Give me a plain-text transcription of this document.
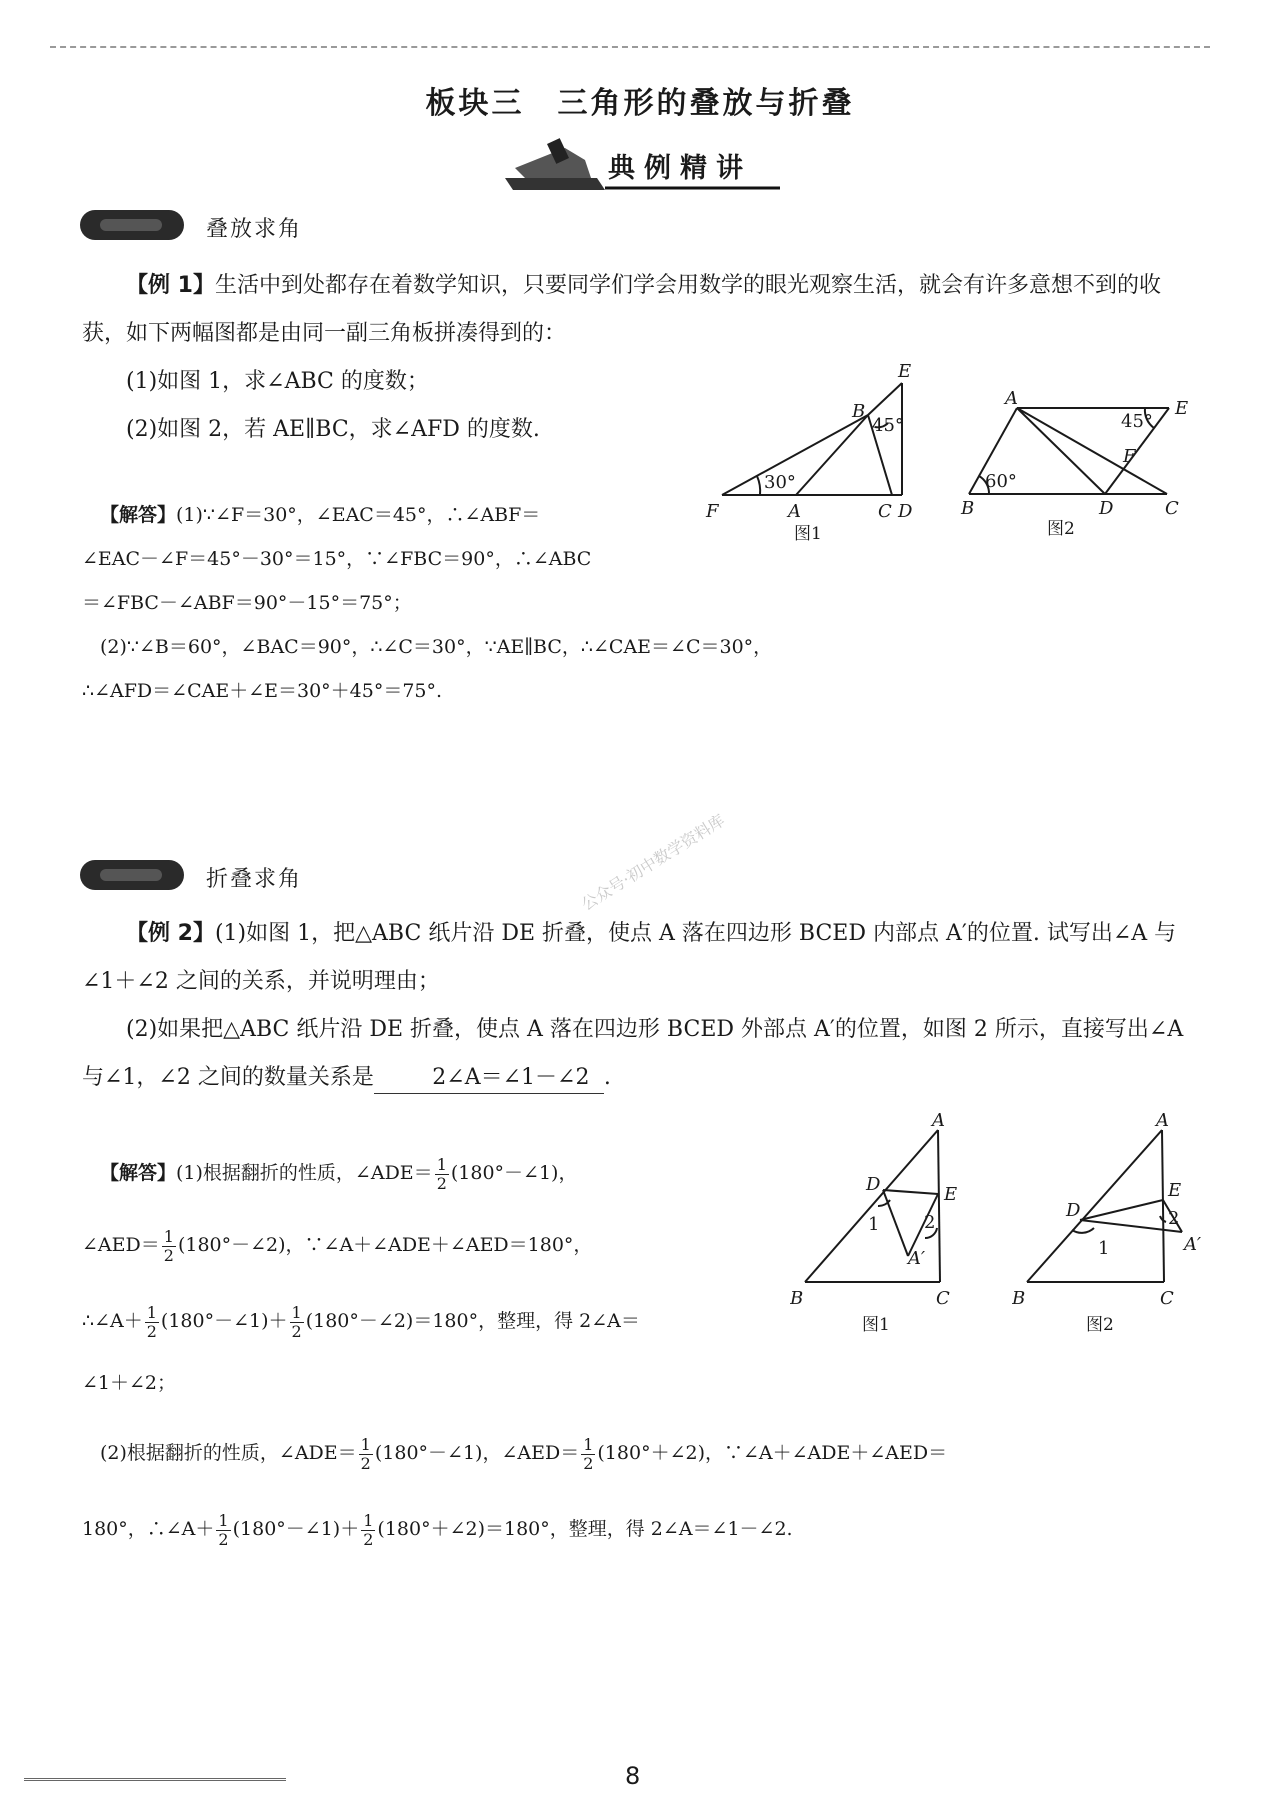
板块三　三角形的叠放与折叠
典例精讲
叠放求角
【例 1】生活中到处都存在着数学知识，只要同学们学会用数学的眼光观察生活，就会有许多意想不到的收获，如下两幅图都是由同一副三角板拼凑得到的：
(1)如图 1，求∠ABC 的度数；
(2)如图 2，若 AE∥BC，求∠AFD 的度数.
【解答】(1)∵∠F＝30°，∠EAC＝45°，∴∠ABF＝
∠EAC－∠F＝45°－30°＝15°，∵∠FBC＝90°，∴∠ABC
＝∠FBC－∠ABF＝90°－15°＝75°；
(2)∵∠B＝60°，∠BAC＝90°，∴∠C＝30°，∵AE∥BC，∴∠CAE＝∠C＝30°，
∴∠AFD＝∠CAE＋∠E＝30°＋45°＝75°.
30°
45°
E
B
F	A	C D
图1
60°
45°
A	E
F
B	D	C
图2
折叠求角	公众号·初中数学资料库
【例 2】(1)如图 1，把△ABC 纸片沿 DE 折叠，使点 A 落在四边形 BCED 内部点 A′的位置. 试写出∠A 与∠1＋∠2 之间的关系，并说明理由；
(2)如果把△ABC 纸片沿 DE 折叠，使点 A 落在四边形 BCED 外部点 A′的位置，如图 2 所示，直接写出∠A 与∠1，∠2 之间的数量关系是	2∠A＝∠1－∠2 .
【解答】(1)根据翻折的性质，∠ADE＝ $\frac{1}{2}$ (180°－∠1)，
∠AED＝ $\frac{1}{2}$ (180°－∠2)，∵∠A＋∠ADE＋∠AED＝180°，
∴∠A＋ $\frac{1}{2}$ (180°－∠1)＋ $\frac{1}{2}$ (180°－∠2)＝180°，整理，得 2∠A＝
∠1＋∠2；
(2)根据翻折的性质，∠ADE＝ $\frac{1}{2}$ (180°－∠1)，∠AED＝ $\frac{1}{2}$ (180°＋∠2)，∵∠A＋∠ADE＋∠AED＝
180°，∴∠A＋ $\frac{1}{2}$ (180°－∠1)＋ $\frac{1}{2}$ (180°＋∠2)＝180°，整理，得 2∠A＝∠1－∠2.
A
D	E
1 2
A′
B	C
图1
A
D
E
1
2
A′
B	C
图2
8
